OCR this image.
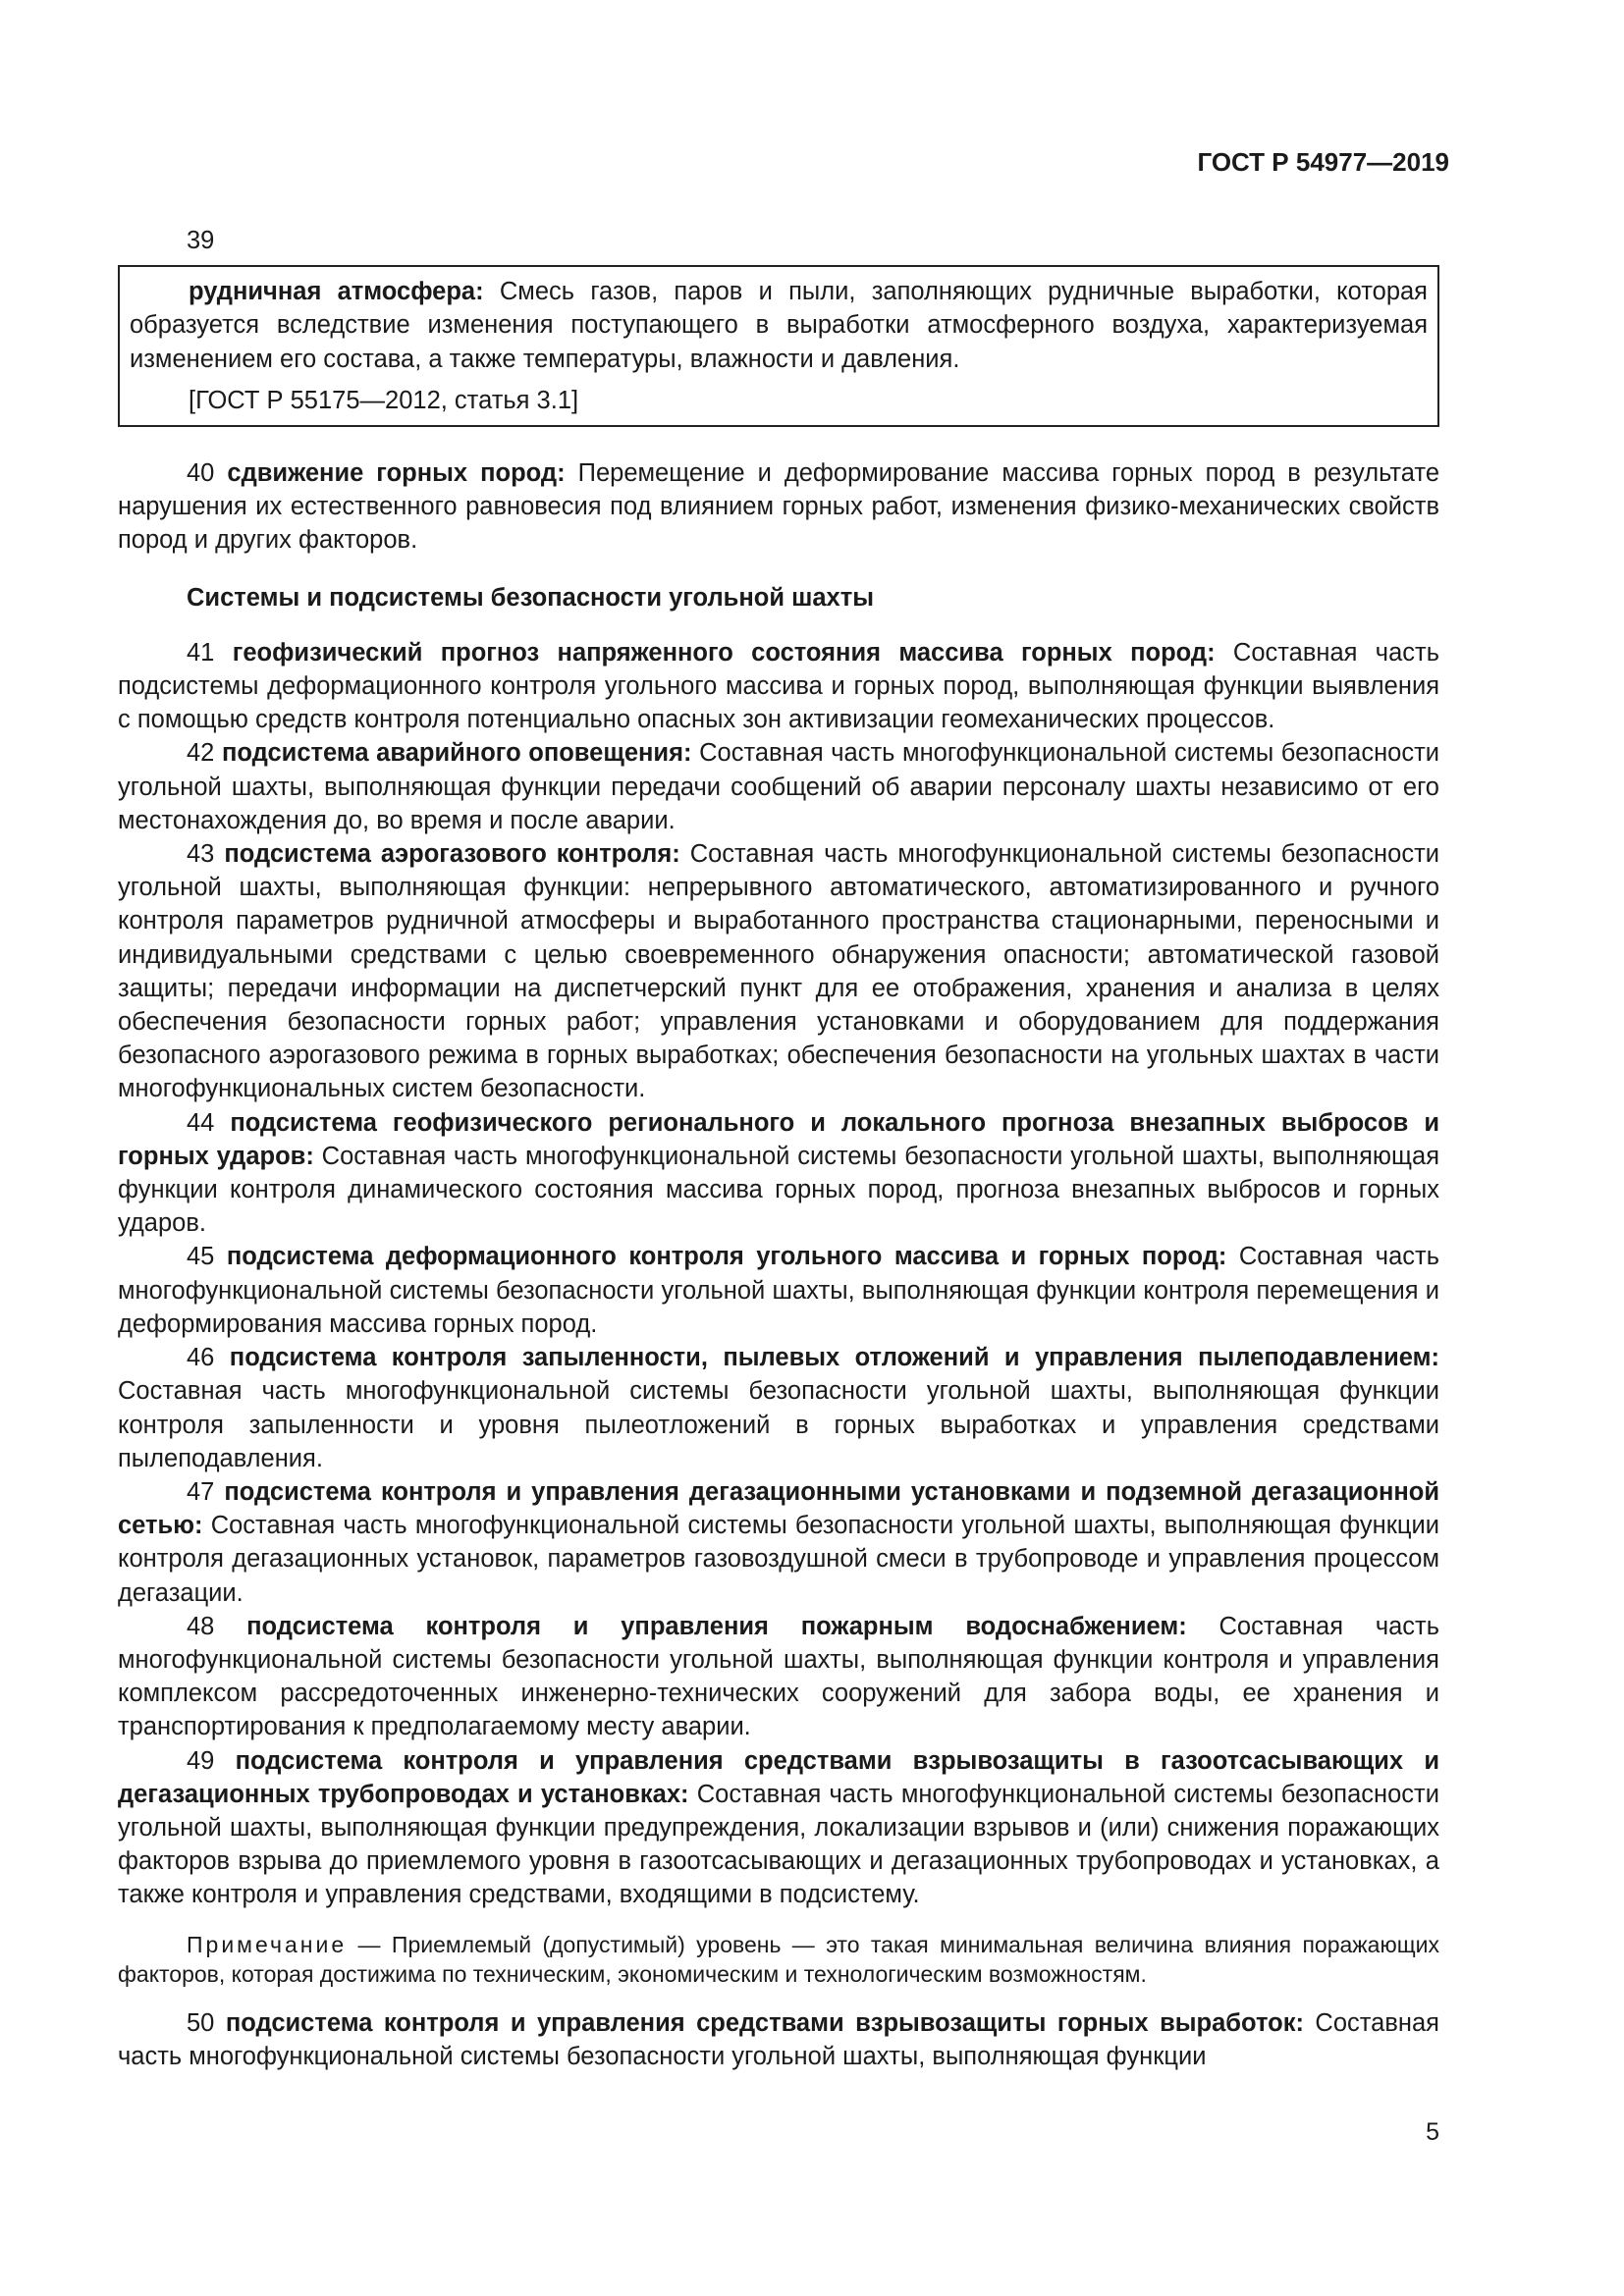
ГОСТ Р 54977—2019
39

рудничная атмосфера: Смесь газов, паров и пыли, заполняющих рудничные выработки, которая образуется вследствие изменения поступающего в выработки атмосферного воздуха, характеризуемая изменением его состава, а также температуры, влажности и давления.

[ГОСТ Р 55175—2012, статья 3.1]

40 сдвижение горных пород: Перемещение и деформирование массива горных пород в результате нарушения их естественного равновесия под влиянием горных работ, изменения физико-механических свойств пород и других факторов.

Системы и подсистемы безопасности угольной шахты

41 геофизический прогноз напряженного состояния массива горных пород: Составная часть подсистемы деформационного контроля угольного массива и горных пород, выполняющая функции выявления с помощью средств контроля потенциально опасных зон активизации геомеханических процессов.

42 подсистема аварийного оповещения: Составная часть многофункциональной системы безопасности угольной шахты, выполняющая функции передачи сообщений об аварии персоналу шахты независимо от его местонахождения до, во время и после аварии.

43 подсистема аэрогазового контроля: Составная часть многофункциональной системы безопасности угольной шахты, выполняющая функции: непрерывного автоматического, автоматизированного и ручного контроля параметров рудничной атмосферы и выработанного пространства стационарными, переносными и индивидуальными средствами с целью своевременного обнаружения опасности; автоматической газовой защиты; передачи информации на диспетчерский пункт для ее отображения, хранения и анализа в целях обеспечения безопасности горных работ; управления установками и оборудованием для поддержания безопасного аэрогазового режима в горных выработках; обеспечения безопасности на угольных шахтах в части многофункциональных систем безопасности.

44 подсистема геофизического регионального и локального прогноза внезапных выбросов и горных ударов: Составная часть многофункциональной системы безопасности угольной шахты, выполняющая функции контроля динамического состояния массива горных пород, прогноза внезапных выбросов и горных ударов.

45 подсистема деформационного контроля угольного массива и горных пород: Составная часть многофункциональной системы безопасности угольной шахты, выполняющая функции контроля перемещения и деформирования массива горных пород.

46 подсистема контроля запыленности, пылевых отложений и управления пылеподавлением: Составная часть многофункциональной системы безопасности угольной шахты, выполняющая функции контроля запыленности и уровня пылеотложений в горных выработках и управления средствами пылеподавления.

47 подсистема контроля и управления дегазационными установками и подземной дегазационной сетью: Составная часть многофункциональной системы безопасности угольной шахты, выполняющая функции контроля дегазационных установок, параметров газовоздушной смеси в трубопроводе и управления процессом дегазации.

48 подсистема контроля и управления пожарным водоснабжением: Составная часть многофункциональной системы безопасности угольной шахты, выполняющая функции контроля и управления комплексом рассредоточенных инженерно-технических сооружений для забора воды, ее хранения и транспортирования к предполагаемому месту аварии.

49 подсистема контроля и управления средствами взрывозащиты в газоотсасывающих и дегазационных трубопроводах и установках: Составная часть многофункциональной системы безопасности угольной шахты, выполняющая функции предупреждения, локализации взрывов и (или) снижения поражающих факторов взрыва до приемлемого уровня в газоотсасывающих и дегазационных трубопроводах и установках, а также контроля и управления средствами, входящими в подсистему.

Примечание — Приемлемый (допустимый) уровень — это такая минимальная величина влияния поражающих факторов, которая достижима по техническим, экономическим и технологическим возможностям.

50 подсистема контроля и управления средствами взрывозащиты горных выработок: Составная часть многофункциональной системы безопасности угольной шахты, выполняющая функции

5
